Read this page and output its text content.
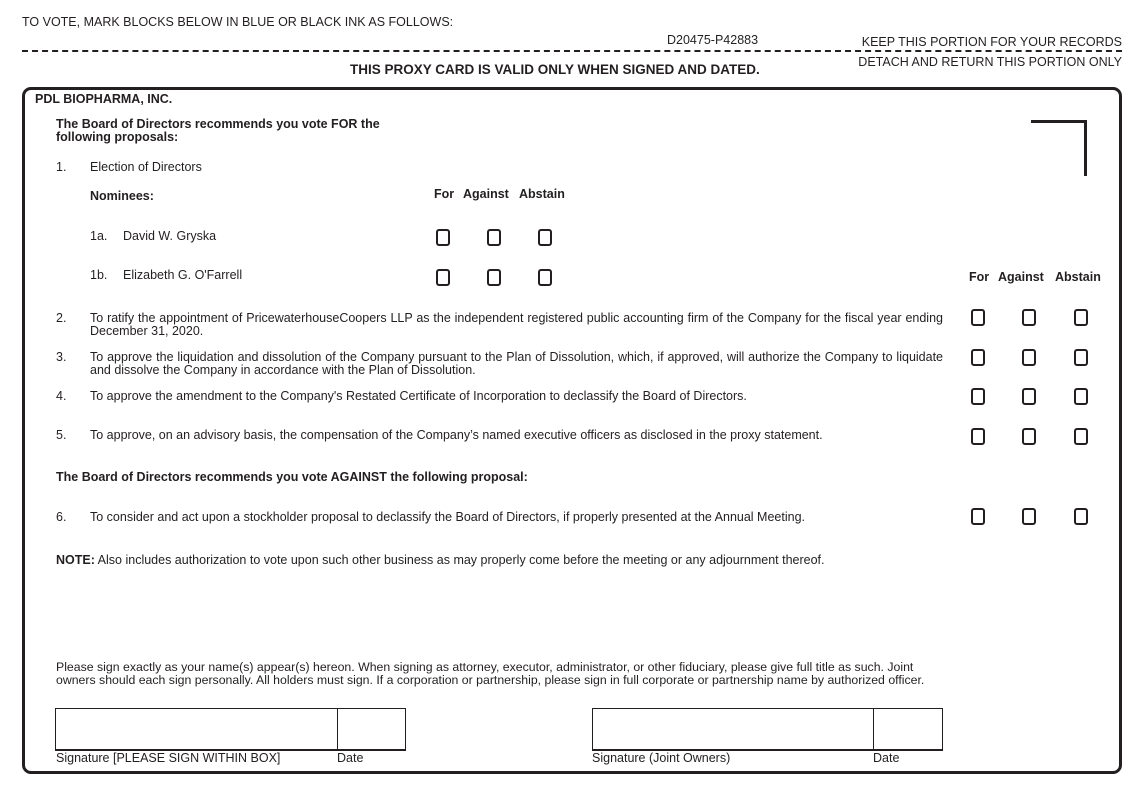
TO VOTE, MARK BLOCKS BELOW IN BLUE OR BLACK INK AS FOLLOWS:
D20475-P42883	KEEP THIS PORTION FOR YOUR RECORDS
DETACH AND RETURN THIS PORTION ONLY
THIS PROXY CARD IS VALID ONLY WHEN SIGNED AND DATED.
PDL BIOPHARMA, INC.
The Board of Directors recommends you vote FOR the
following proposals:
1. Election of Directors
Nominees:	For Against Abstain
1a. David W. Gryska
1b. Elizabeth G. O'Farrell	For Against Abstain
2. To ratify the appointment of PricewaterhouseCoopers LLP as the independent registered public accounting firm of the Company for the fiscal year ending December 31, 2020.
3. To approve the liquidation and dissolution of the Company pursuant to the Plan of Dissolution, which, if approved, will authorize the Company to liquidate and dissolve the Company in accordance with the Plan of Dissolution.
4. To approve the amendment to the Company's Restated Certificate of Incorporation to declassify the Board of Directors.
5. To approve, on an advisory basis, the compensation of the Company’s named executive officers as disclosed in the proxy statement.
The Board of Directors recommends you vote AGAINST the following proposal:
6. To consider and act upon a stockholder proposal to declassify the Board of Directors, if properly presented at the Annual Meeting.
NOTE: Also includes authorization to vote upon such other business as may properly come before the meeting or any adjournment thereof.
Please sign exactly as your name(s) appear(s) hereon. When signing as attorney, executor, administrator, or other fiduciary, please give full title as such. Joint
owners should each sign personally. All holders must sign. If a corporation or partnership, please sign in full corporate or partnership name by authorized officer.
Signature [PLEASE SIGN WITHIN BOX]	Date	Signature (Joint Owners)	Date
